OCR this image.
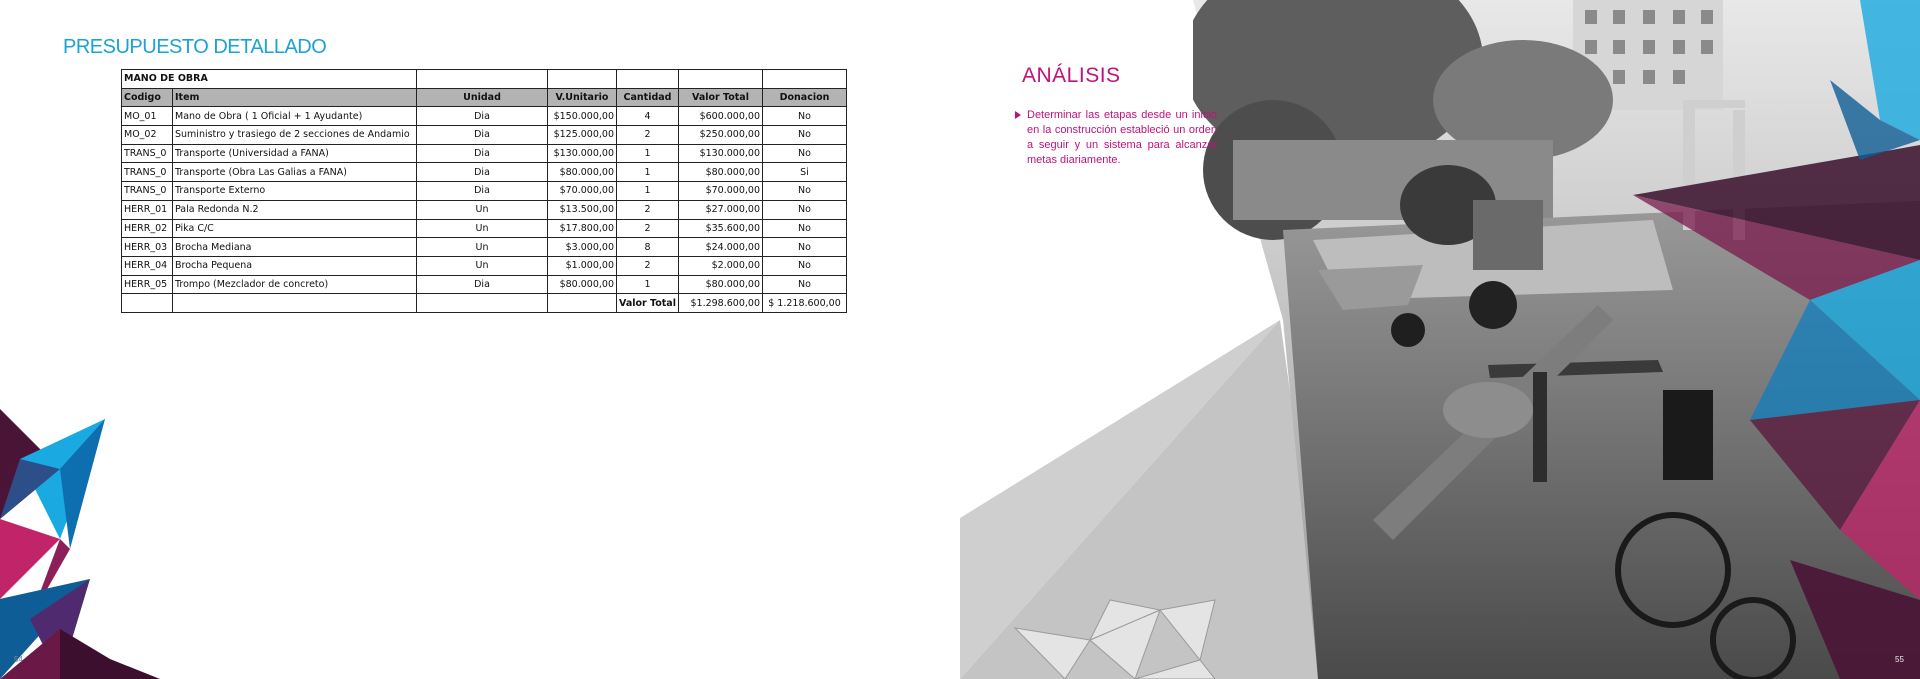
54
PRESUPUESTO DETALLADO
MANO DE OBRA						
Codigo	Item	Unidad	V.Unitario	Cantidad	Valor Total	Donacion
MO_01	Mano de Obra ( 1 Oficial + 1 Ayudante)	Dia	$150.000,00	4	$600.000,00	No
MO_02	Suministro y trasiego de 2 secciones de Andamio	Dia	$125.000,00	2	$250.000,00	No
TRANS_0	Transporte (Universidad a FANA)	Dia	$130.000,00	1	$130.000,00	No
TRANS_0	Transporte (Obra Las Galias a FANA)	Dia	$80.000,00	1	$80.000,00	Si
TRANS_0	Transporte Externo	Dia	$70.000,00	1	$70.000,00	No
HERR_01	Pala Redonda N.2	Un	$13.500,00	2	$27.000,00	No
HERR_02	Pika C/C	Un	$17.800,00	2	$35.600,00	No
HERR_03	Brocha Mediana	Un	$3.000,00	8	$24.000,00	No
HERR_04	Brocha Pequena	Un	$1.000,00	2	$2.000,00	No
HERR_05	Trompo (Mezclador de concreto)	Dia	$80.000,00	1	$80.000,00	No
				Valor Total	$1.298.600,00	$ 1.218.600,00
ANÁLISIS
Determinar las etapas desde un inicio en la construcción estableció un orden a seguir y un sistema para alcanzar metas diariamente.
55
